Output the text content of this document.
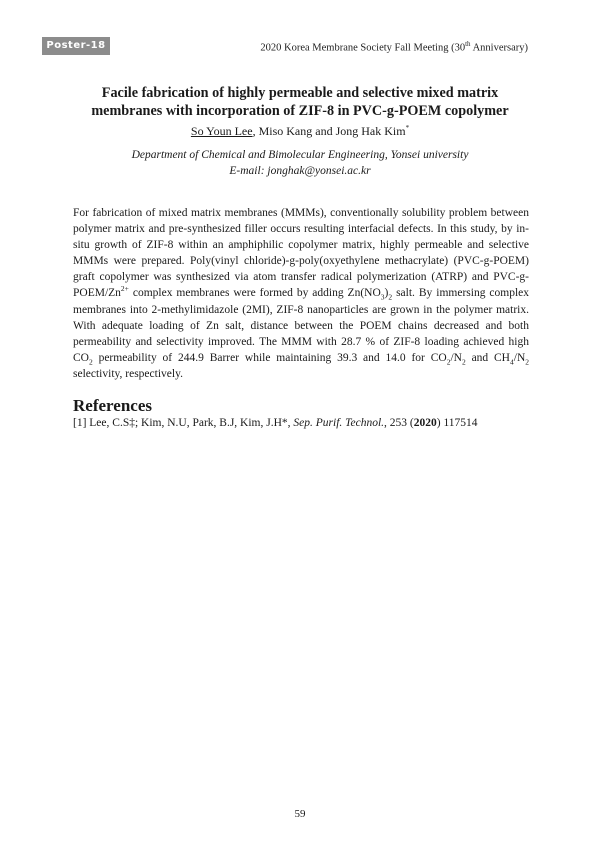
Poster-18	2020 Korea Membrane Society Fall Meeting (30th Anniversary)
Facile fabrication of highly permeable and selective mixed matrix
membranes with incorporation of ZIF-8 in PVC-g-POEM copolymer
So Youn Lee, Miso Kang and Jong Hak Kim*
Department of Chemical and Bimolecular Engineering, Yonsei university
E-mail: jonghak@yonsei.ac.kr

For fabrication of mixed matrix membranes (MMMs), conventionally solubility problem between polymer matrix and pre-synthesized filler occurs resulting interfacial defects. In this study, by in-situ growth of ZIF-8 within an amphiphilic copolymer matrix, highly permeable and selective MMMs were prepared. Poly(vinyl chloride)-g-poly(oxyethylene methacrylate) (PVC-g-POEM) graft copolymer was synthesized via atom transfer radical polymerization (ATRP) and PVC-$g-POEM/Zn^{2+}$ complex membranes were formed by adding $Zn(NO_3)_2$ salt. By immersing complex membranes into 2-methylimidazole (2MI), ZIF-8 nanoparticles are grown in the polymer matrix. With adequate loading of Zn salt, distance between the POEM chains decreased and both permeability and selectivity improved. The MMM with 28.7 % of ZIF-8 loading achieved high $CO_2$ permeability of 244.9 Barrer while maintaining 39.3 and 14.0 for $CO_2/N_2$ and $CH_4/N_2$ selectivity, respectively.

References
[1] Lee, C.S‡; Kim, N.U, Park, B.J, Kim, J.H*, Sep. Purif. Technol., 253 (2020) 117514
59
